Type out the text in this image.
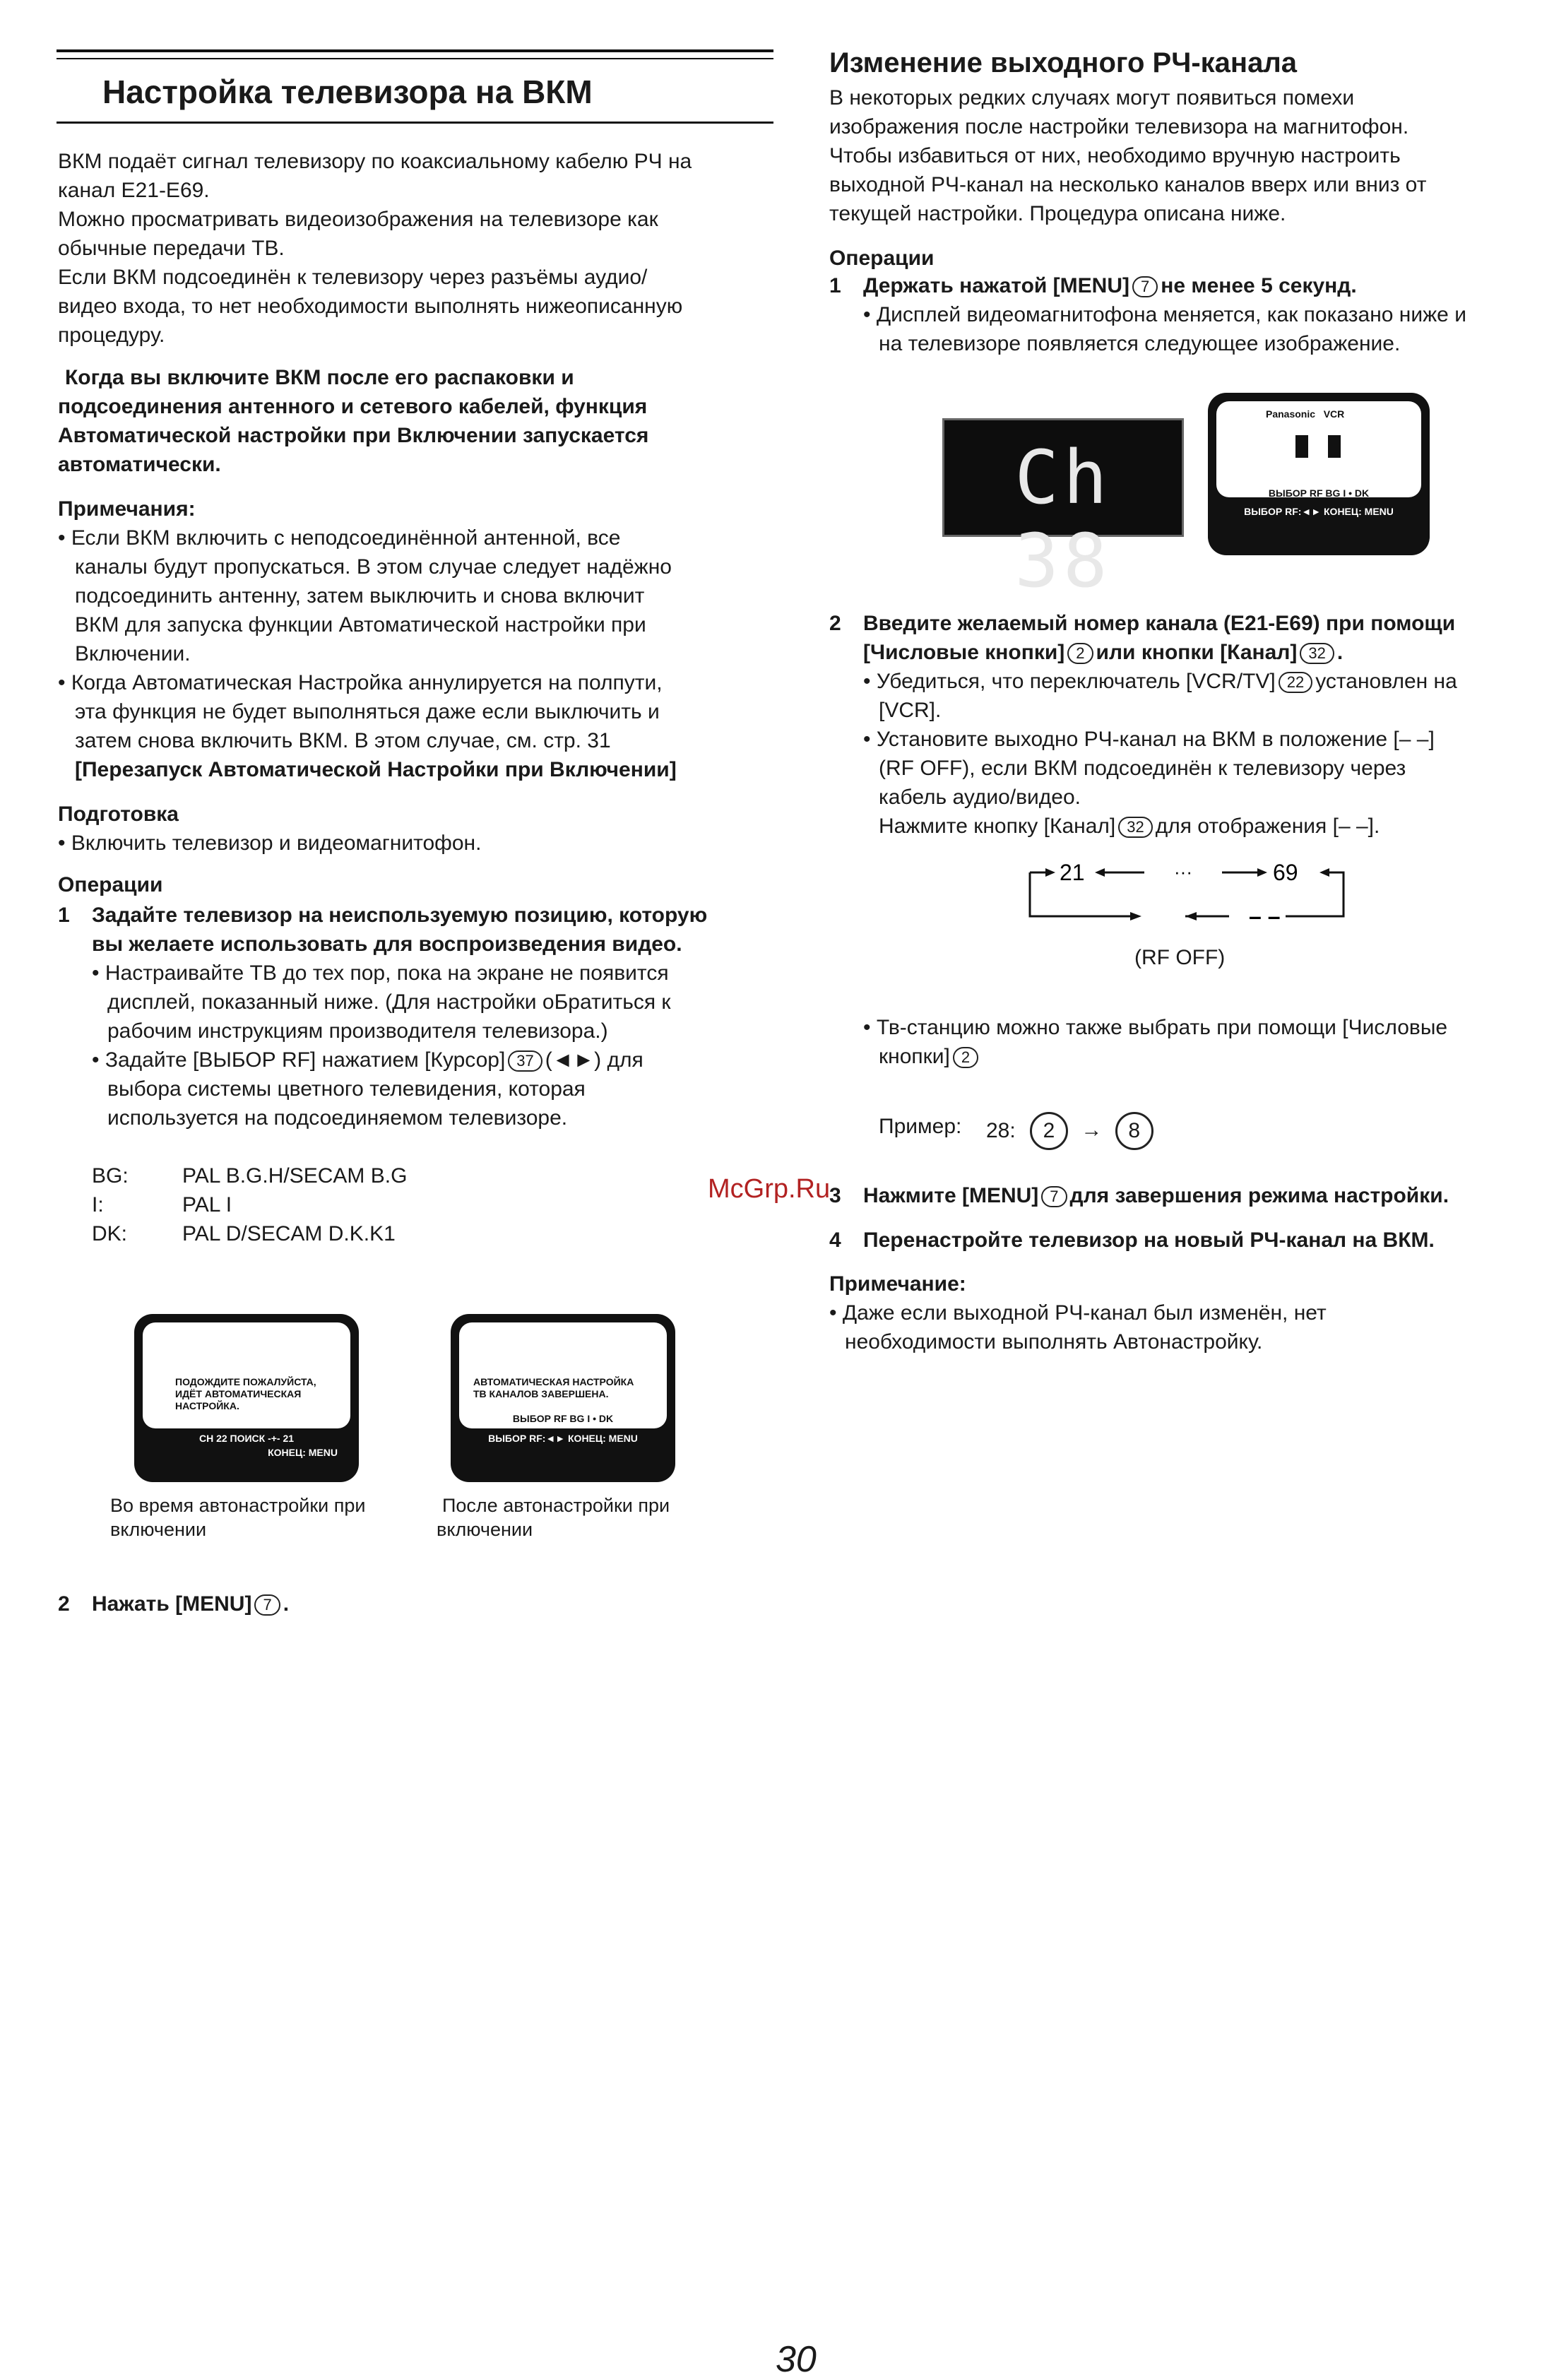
Настройка телевизора на ВКМ
ВКМ подаёт сигнал телевизору по коаксиальному кабелю РЧ на
канал E21-E69.
Можно просматривать видеоизображения на телевизоре как
обычные передачи ТВ.
Если ВКМ подсоединён к телевизору через разъёмы аудио/
видео входа, то нет необходимости выполнять нижеописанную
процедуру.
Когда вы включите ВКМ после его распаковки и
подсоединения антенного и сетевого кабелей, функция
Автоматической настройки при Включении запускается
автоматически.
Примечания:
• Если ВКМ включить с неподсоединённой антенной, все
каналы будут пропускаться. В этом случае следует надёжно
подсоединить антенну, затем выключить и снова включит
ВКМ для запуска функции Автоматической настройки при
Включении.
• Когда Автоматическая Настройка аннулируется на полпути,
эта функция не будет выполняться даже если выключить и
затем снова включить ВКМ. В этом случае, см. стр. 31
[Перезапуск Автоматической Настройки при Включении]
Подготовка
• Включить телевизор и видеомагнитофон.
Операции
1 Задайте телевизор на неиспользуемую позицию, которую
вы желаете использовать для воспроизведения видео.
• Настраивайте ТВ до тех пор, пока на экране не появится
дисплей, показанный ниже. (Для настройки оБратиться к
рабочим инструкциям производителя телевизора.)
• Задайте [ВЫБОР RF] нажатием [Курсор] 37 (◄►) для
выбора системы цветного телевидения, которая
используется на подсоединяемом телевизоре.
BG:	PAL B.G.H/SECAM B.G
I:	PAL I
DK:	PAL D/SECAM D.K.K1
ПОДОЖДИТЕ ПОЖАЛУЙСТА,
ИДЁТ АВТОМАТИЧЕСКАЯ
НАСТРОЙКА.
CH 22 ПОИСК -+- 21
КОНЕЦ: MENU
Во время автонастройки при
включении
АВТОМАТИЧЕСКАЯ НАСТРОЙКА
ТВ КАНАЛОВ ЗАВЕРШЕНА.
ВЫБОР RF BG I • DK
ВЫБОР RF:◄► КОНЕЦ: MENU
После автонастройки при
включении
2 Нажать [MENU] 7 .
Изменение выходного РЧ-канала
В некоторых редких случаях могут появиться помехи
изображения после настройки телевизора на магнитофон.
Чтобы избавиться от них, необходимо вручную настроить
выходной РЧ-канал на несколько каналов вверх или вниз от
текущей настройки. Процедура описана ниже.
Операции
1 Держать нажатой [MENU] 7 не менее 5 секунд.
• Дисплей видеомагнитофона меняется, как показано ниже и
на телевизоре появляется следующее изображение.
Ch 38
Panasonic   VCR
ВЫБОР RF BG I • DK
ВЫБОР RF:◄► КОНЕЦ: MENU
2 Введите желаемый номер канала (E21-E69) при помощи
[Числовые кнопки] 2 или кнопки [Канал] 32 .
• Убедиться, что переключатель [VCR/TV] 22 установлен на
[VCR].
• Установите выходно РЧ-канал на ВКМ в положение [– –]
(RF OFF), если ВКМ подсоединён к телевизору через
кабель аудио/видео.
Нажмите кнопку [Канал] 32 для отображения [– –].
21	···	69
– –
(RF OFF)
• Тв-станцию можно также выбрать при помощи [Числовые
кнопки] 2
Пример: 28:	2 → 8
McGrp.Ru
3 Нажмите [MENU] 7 для завершения режима настройки.
4 Перенастройте телевизор на новый РЧ-канал на ВКМ.
Примечание:
• Даже если выходной РЧ-канал был изменён, нет
необходимости выполнять Автонастройку.
30
